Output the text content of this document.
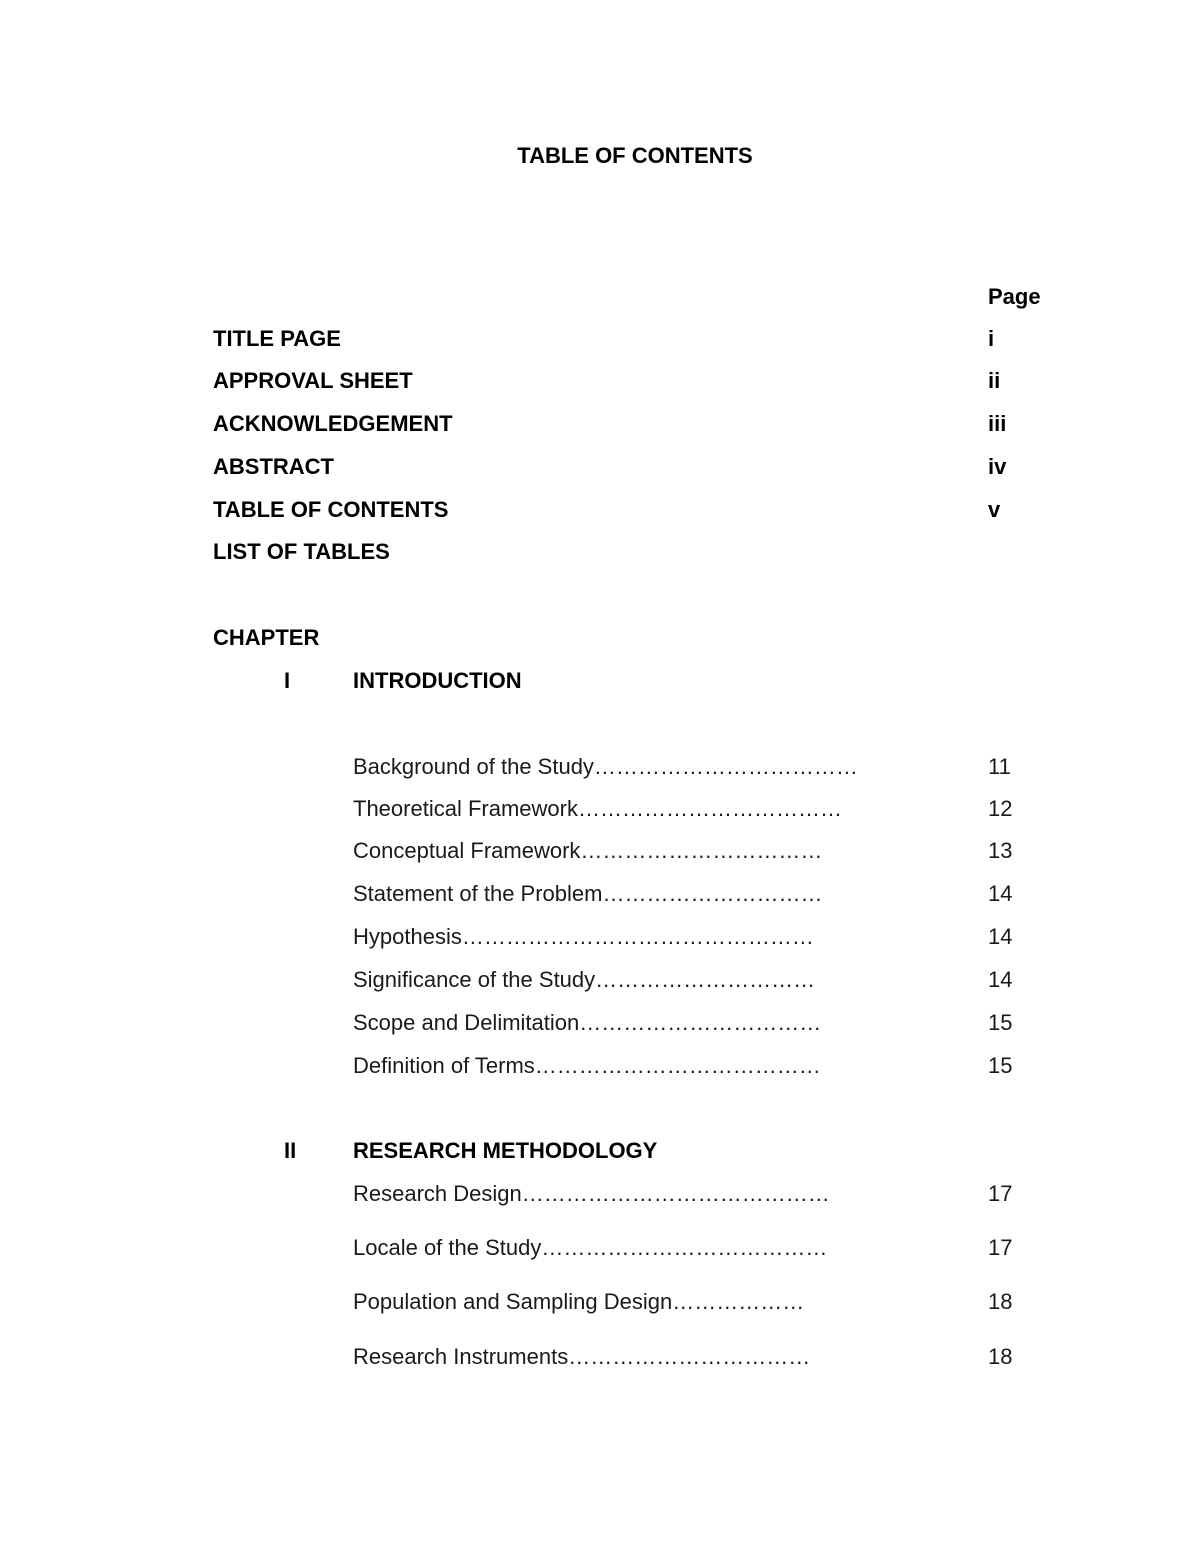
TABLE OF CONTENTS
Page
TITLE PAGE	i
APPROVAL SHEET	ii
ACKNOWLEDGEMENT	iii
ABSTRACT	iv
TABLE OF CONTENTS	v
LIST OF TABLES
CHAPTER
I	INTRODUCTION
Background of the Study………………………………	11
Theoretical Framework………………………………	12
Conceptual Framework……………………………	13
Statement of the Problem…………………………	14
Hypothesis…………………………………………	14
Significance of the Study…………………………	14
Scope and Delimitation……………………………	15
Definition of Terms…………………………………	15
II	RESEARCH METHODOLOGY
Research Design……………………………………	17
Locale of the Study…………………………………	17
Population and Sampling Design………………	18
Research Instruments……………………………	18
